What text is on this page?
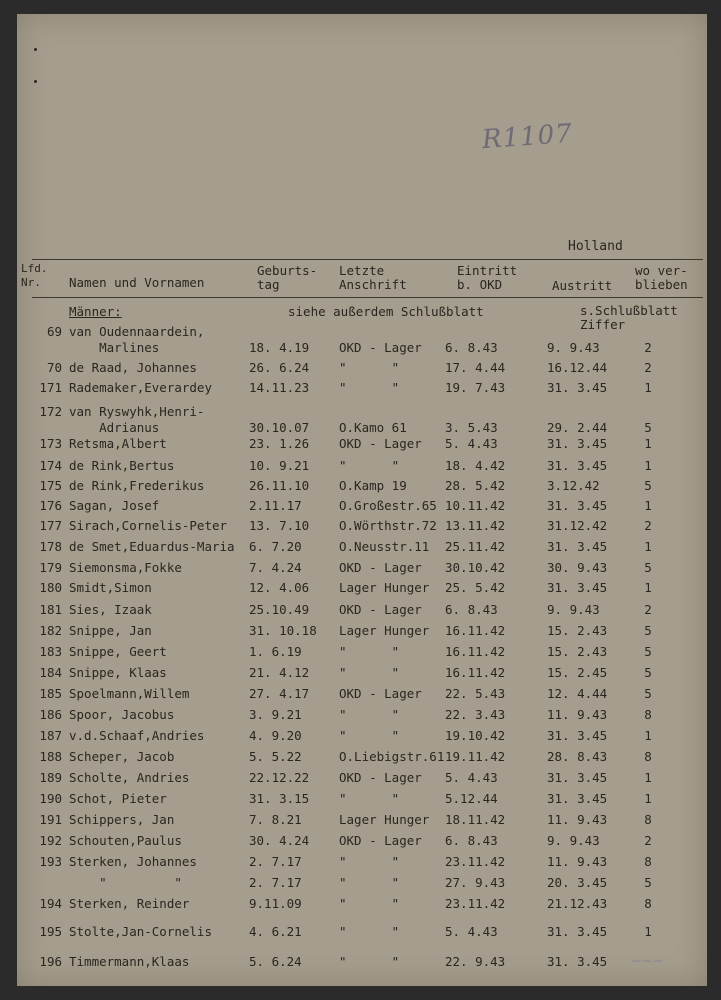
R1107
Holland
Lfd.
Nr.	Namen und Vornamen
Geburts-
tag
Letzte
Anschrift
Eintritt
b. OKD	Austritt
wo ver-
blieben
Männer:	siehe außerdem Schlußblatt	s.Schlußblatt
Ziffer
69 van Oudennaardein,
Marlines	18. 4.19 OKD - Lager 6. 8.43	9. 9.43	2
70 de Raad, Johannes	26. 6.24 "      "	17. 4.44	16.12.44	2
171 Rademaker,Everardey	14.11.23 "      "	19. 7.43	31. 3.45	1
172 van Ryswyhk,Henri-
Adrianus	30.10.07 O.Kamo 61	3. 5.43	29. 2.44	5
173 Retsma,Albert	23. 1.26 OKD - Lager 5. 4.43	31. 3.45	1
174 de Rink,Bertus	10. 9.21 "      "	18. 4.42	31. 3.45	1
175 de Rink,Frederikus	26.11.10 O.Kamp 19	28. 5.42	3.12.42	5
176 Sagan, Josef	2.11.17	O.Großestr.65 10.11.42	31. 3.45	1
177 Sirach,Cornelis-Peter 13. 7.10 O.Wörthstr.72 13.11.42	31.12.42	2
178 de Smet,Eduardus-Maria 6. 7.20	O.Neusstr.11 25.11.42	31. 3.45	1
179 Siemonsma,Fokke	7. 4.24	OKD - Lager 30.10.42	30. 9.43	5
180 Smidt,Simon	12. 4.06 Lager Hunger 25. 5.42	31. 3.45	1
181 Sies, Izaak	25.10.49 OKD - Lager 6. 8.43	9. 9.43	2
182 Snippe, Jan	31. 10.18 Lager Hunger 16.11.42	15. 2.43	5
183 Snippe, Geert	1. 6.19	"      "	16.11.42	15. 2.43	5
184 Snippe, Klaas	21. 4.12 "      "	16.11.42	15. 2.45	5
185 Spoelmann,Willem	27. 4.17 OKD - Lager 22. 5.43	12. 4.44	5
186 Spoor, Jacobus	3. 9.21	"      "	22. 3.43	11. 9.43	8
187 v.d.Schaaf,Andries	4. 9.20	"      "	19.10.42	31. 3.45	1
188 Scheper, Jacob	5. 5.22	O.Liebigstr.61 19.11.42	28. 8.43	8
189 Scholte, Andries	22.12.22 OKD - Lager 5. 4.43	31. 3.45	1
190 Schot, Pieter	31. 3.15 "      "	5.12.44	31. 3.45	1
191 Schippers, Jan	7. 8.21	Lager Hunger 18.11.42	11. 9.43	8
192 Schouten,Paulus	30. 4.24 OKD - Lager 6. 8.43	9. 9.43	2
193 Sterken, Johannes	2. 7.17	"      "	23.11.42	11. 9.43	8
"         "	2. 7.17	"      "	27. 9.43	20. 3.45	5
194 Sterken, Reinder	9.11.09	"      "	23.11.42	21.12.43	8
195 Stolte,Jan-Cornelis	4. 6.21	"      "	5. 4.43	31. 3.45	1
196 Timmermann,Klaas	5. 6.24	"      "	22. 9.43	31. 3.45 ~~~
